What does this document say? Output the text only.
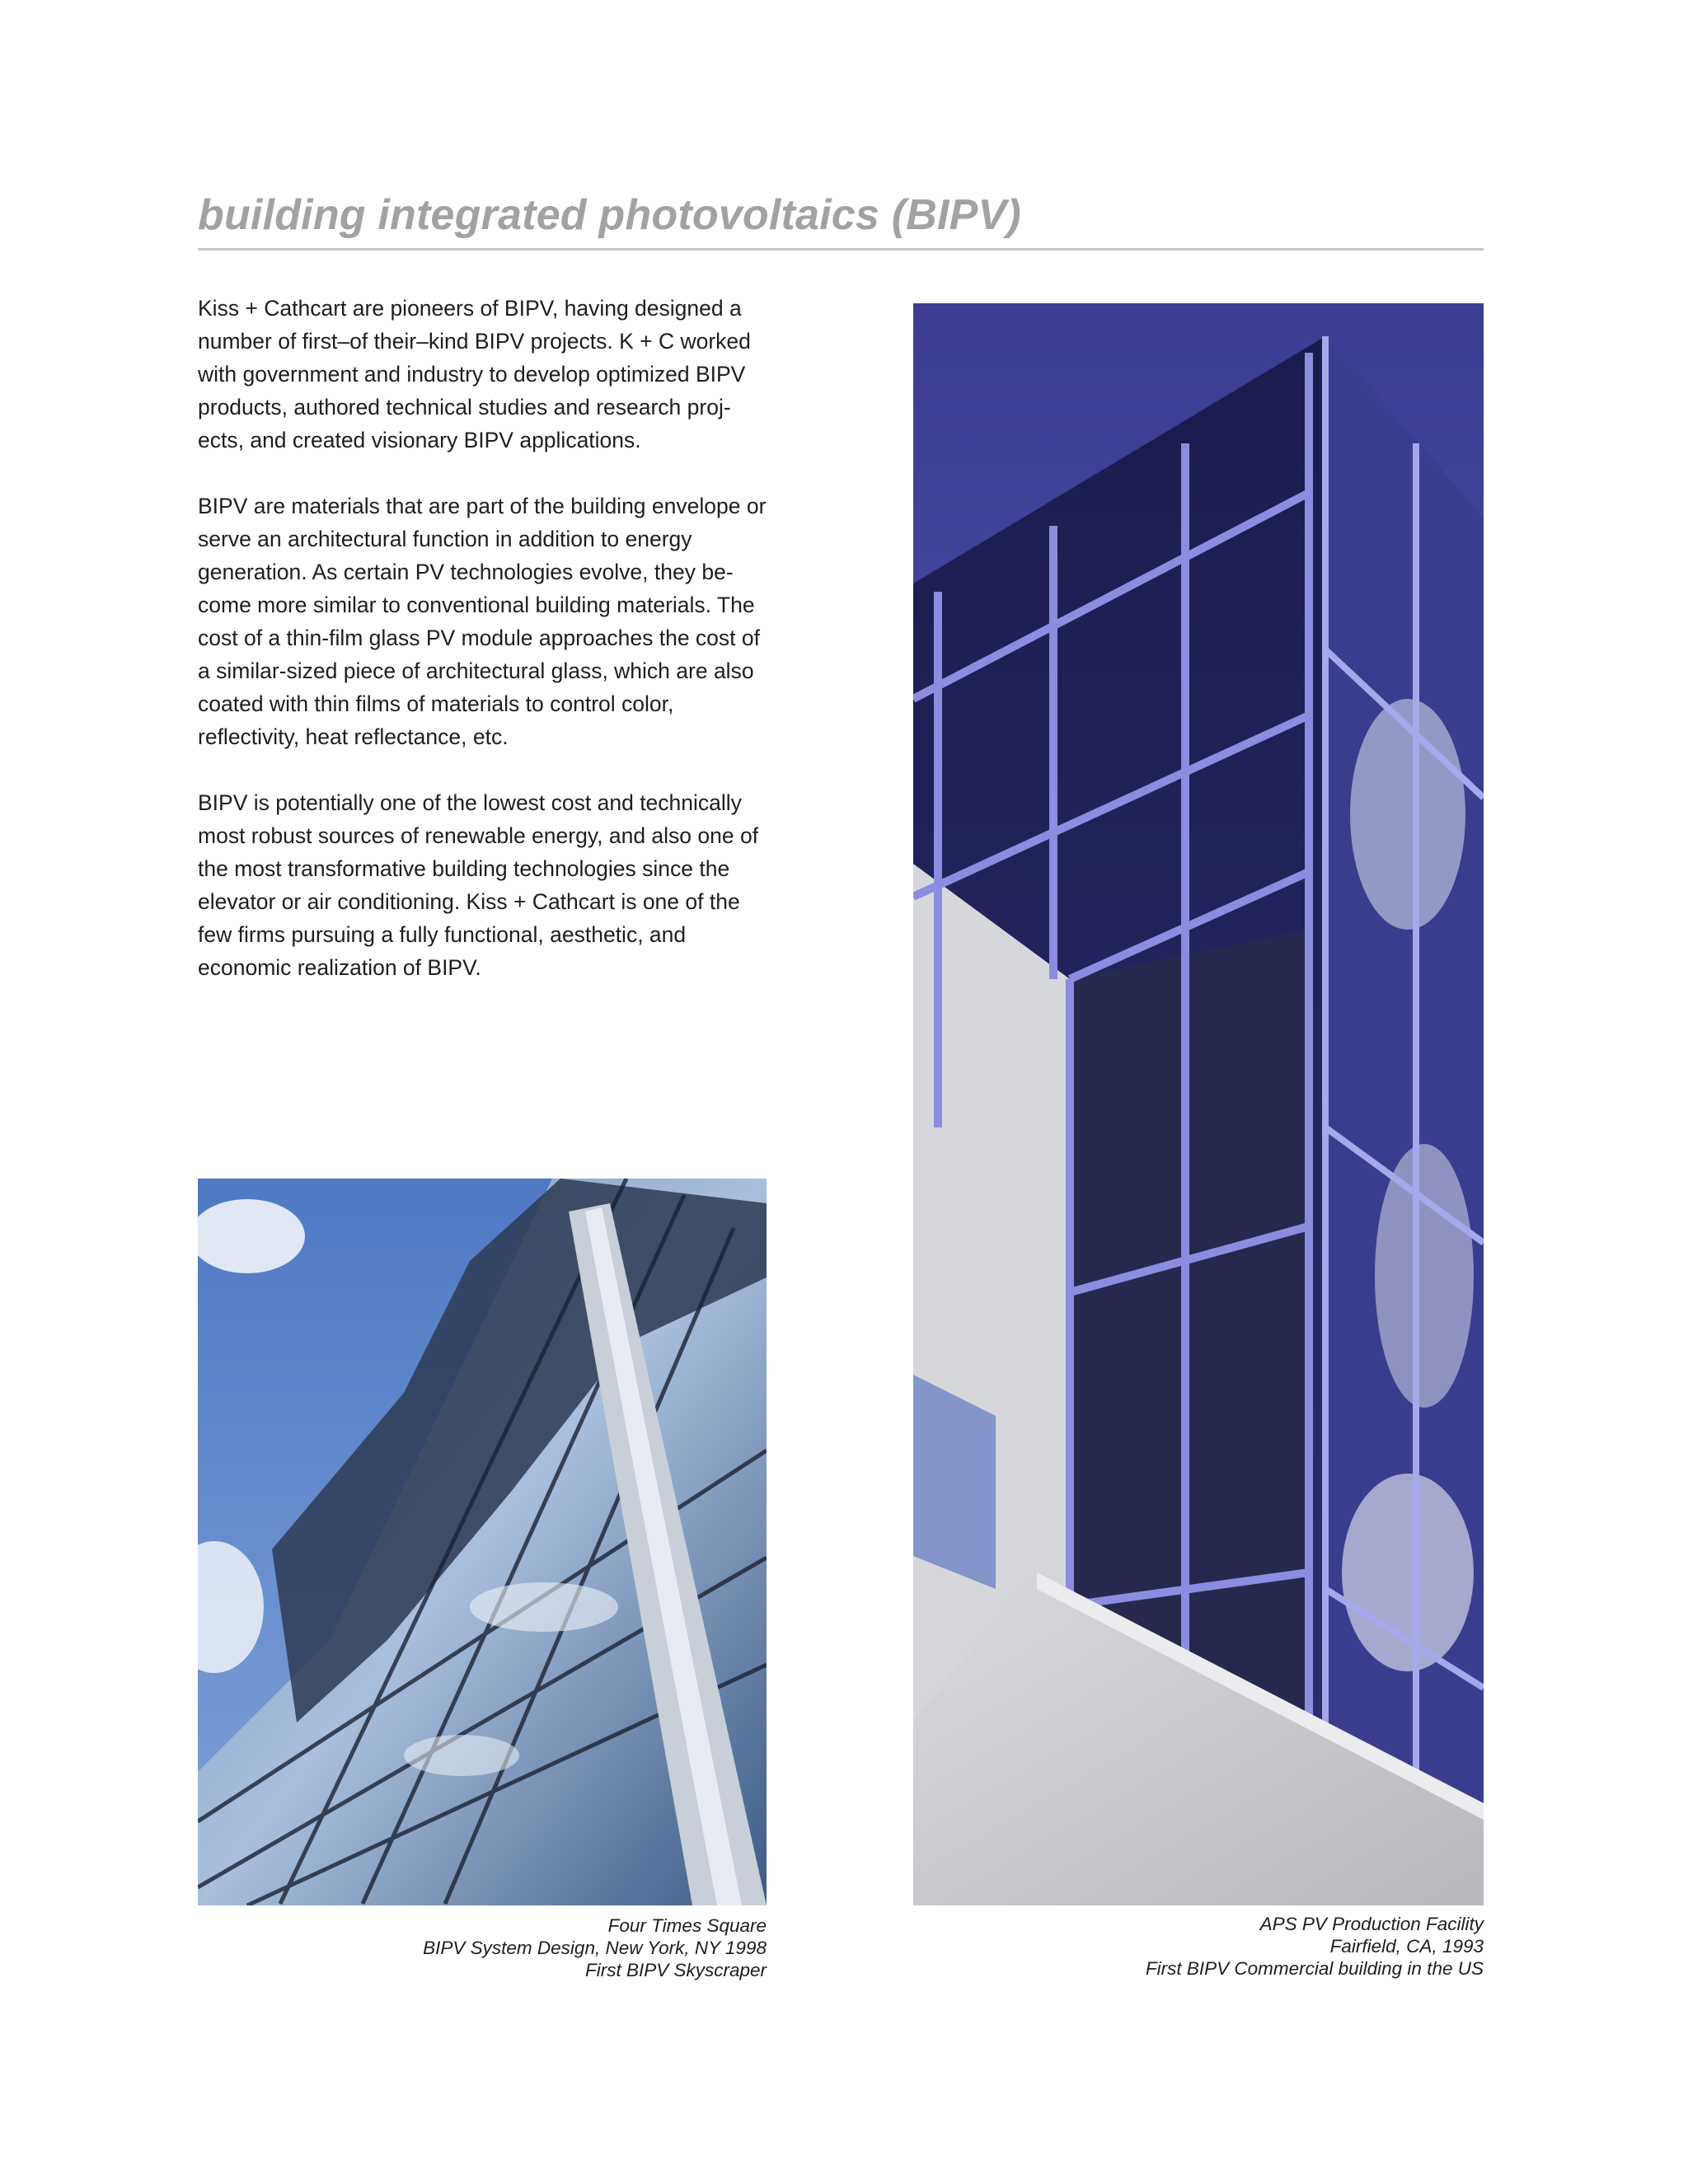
building integrated photovoltaics (BIPV)

Kiss + Cathcart are pioneers of BIPV, having designed a number of first–of their–kind BIPV projects. K + C worked with government and industry to develop optimized BIPV products, authored technical studies and research proj-ects, and created visionary BIPV applications.

BIPV are materials that are part of the building envelope or serve an architectural function in addition to energy generation. As certain PV technologies evolve, they be-come more similar to conventional building materials. The cost of a thin-film glass PV module approaches the cost of a similar-sized piece of architectural glass, which are also coated with thin films of materials to control color, reflectivity, heat reflectance, etc.

BIPV is potentially one of the lowest cost and technically most robust sources of renewable energy, and also one of the most transformative building technologies since the elevator or air conditioning. Kiss + Cathcart is one of the few firms pursuing a fully functional, aesthetic, and economic realization of BIPV.

Four Times Square
BIPV System Design, New York, NY 1998
First BIPV Skyscraper
APS PV Production Facility
Fairfield, CA, 1993
First BIPV Commercial building in the US
